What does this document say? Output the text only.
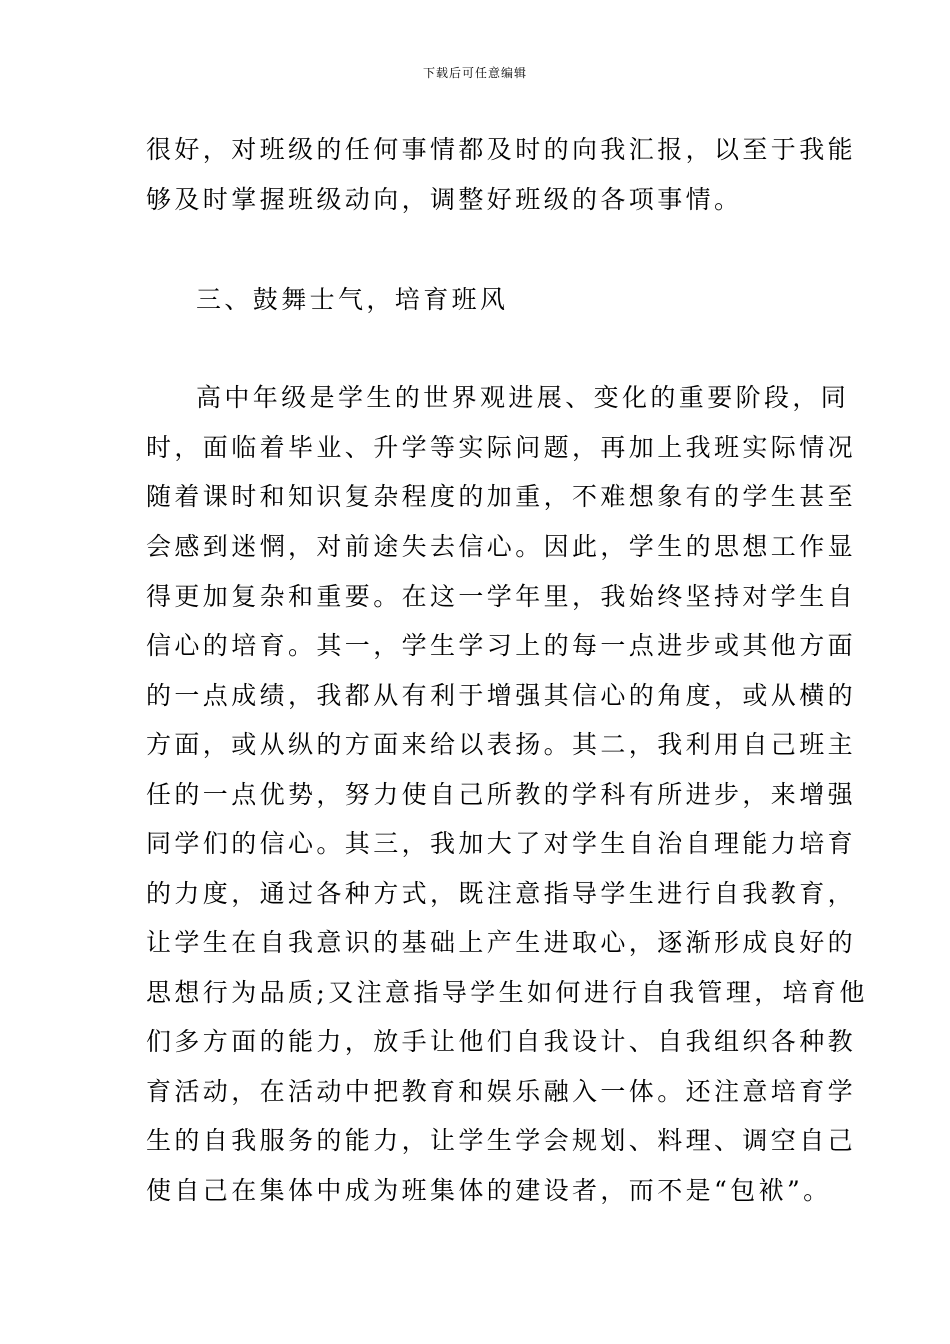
下载后可任意编辑
很好，对班级的任何事情都及时的向我汇报，以至于我能
够及时掌握班级动向，调整好班级的各项事情。
三、鼓舞士气，培育班风
高中年级是学生的世界观进展、变化的重要阶段，同
时，面临着毕业、升学等实际问题，再加上我班实际情况
随着课时和知识复杂程度的加重，不难想象有的学生甚至
会感到迷惘，对前途失去信心。因此，学生的思想工作显
得更加复杂和重要。在这一学年里，我始终坚持对学生自
信心的培育。其一，学生学习上的每一点进步或其他方面
的一点成绩，我都从有利于增强其信心的角度，或从横的
方面，或从纵的方面来给以表扬。其二，我利用自己班主
任的一点优势，努力使自己所教的学科有所进步，来增强
同学们的信心。其三，我加大了对学生自治自理能力培育
的力度，通过各种方式，既注意指导学生进行自我教育，
让学生在自我意识的基础上产生进取心，逐渐形成良好的
思想行为品质;又注意指导学生如何进行自我管理，培育他
们多方面的能力，放手让他们自我设计、自我组织各种教
育活动，在活动中把教育和娱乐融入一体。还注意培育学
生的自我服务的能力，让学生学会规划、料理、调空自己
使自己在集体中成为班集体的建设者，而不是“包袱”。
